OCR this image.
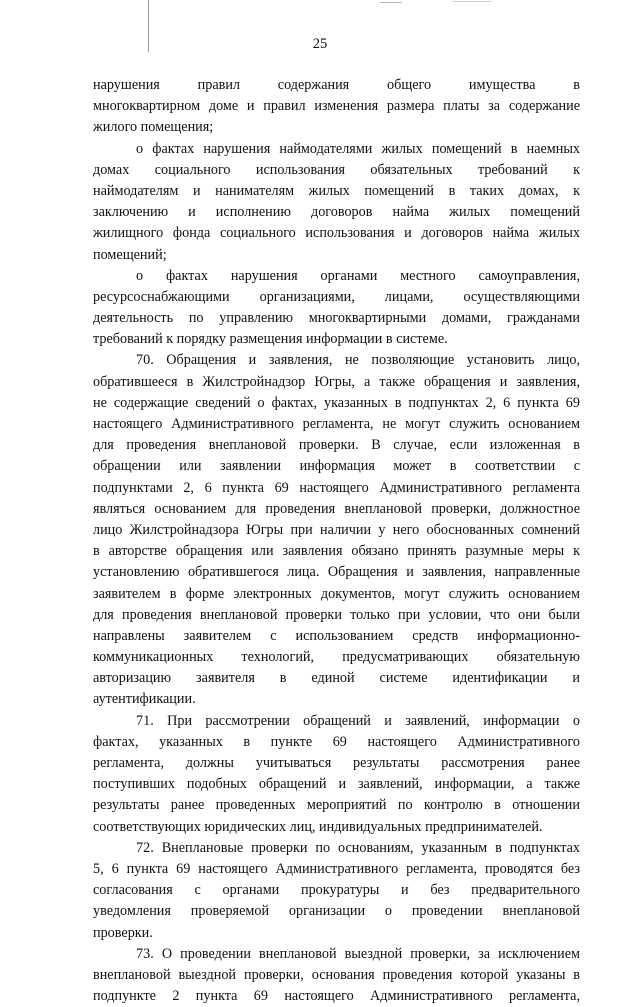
25
нарушения правил содержания общего имущества в
многоквартирном доме и правил изменения размера платы за содержание
жилого помещения;
о фактах нарушения наймодателями жилых помещений в наемных
домах социального использования обязательных требований к
наймодателям и нанимателям жилых помещений в таких домах, к
заключению и исполнению договоров найма жилых помещений
жилищного фонда социального использования и договоров найма жилых
помещений;
о фактах нарушения органами местного самоуправления,
ресурсоснабжающими организациями, лицами, осуществляющими
деятельность по управлению многоквартирными домами, гражданами
требований к порядку размещения информации в системе.
70. Обращения и заявления, не позволяющие установить лицо,
обратившееся в Жилстройнадзор Югры, а также обращения и заявления,
не содержащие сведений о фактах, указанных в подпунктах 2, 6 пункта 69
настоящего Административного регламента, не могут служить основанием
для проведения внеплановой проверки. В случае, если изложенная в
обращении или заявлении информация может в соответствии с
подпунктами 2, 6 пункта 69 настоящего Административного регламента
являться основанием для проведения внеплановой проверки, должностное
лицо Жилстройнадзора Югры при наличии у него обоснованных сомнений
в авторстве обращения или заявления обязано принять разумные меры к
установлению обратившегося лица. Обращения и заявления, направленные
заявителем в форме электронных документов, могут служить основанием
для проведения внеплановой проверки только при условии, что они были
направлены заявителем с использованием средств информационно-
коммуникационных технологий, предусматривающих обязательную
авторизацию заявителя в единой системе идентификации и
аутентификации.
71. При рассмотрении обращений и заявлений, информации о
фактах, указанных в пункте 69 настоящего Административного
регламента, должны учитываться результаты рассмотрения ранее
поступивших подобных обращений и заявлений, информации, а также
результаты ранее проведенных мероприятий по контролю в отношении
соответствующих юридических лиц, индивидуальных предпринимателей.
72. Внеплановые проверки по основаниям, указанным в подпунктах
5, 6 пункта 69 настоящего Административного регламента, проводятся без
согласования с органами прокуратуры и без предварительного
уведомления проверяемой организации о проведении внеплановой
проверки.
73. О проведении внеплановой выездной проверки, за исключением
внеплановой выездной проверки, основания проведения которой указаны в
подпункте 2 пункта 69 настоящего Административного регламента,
